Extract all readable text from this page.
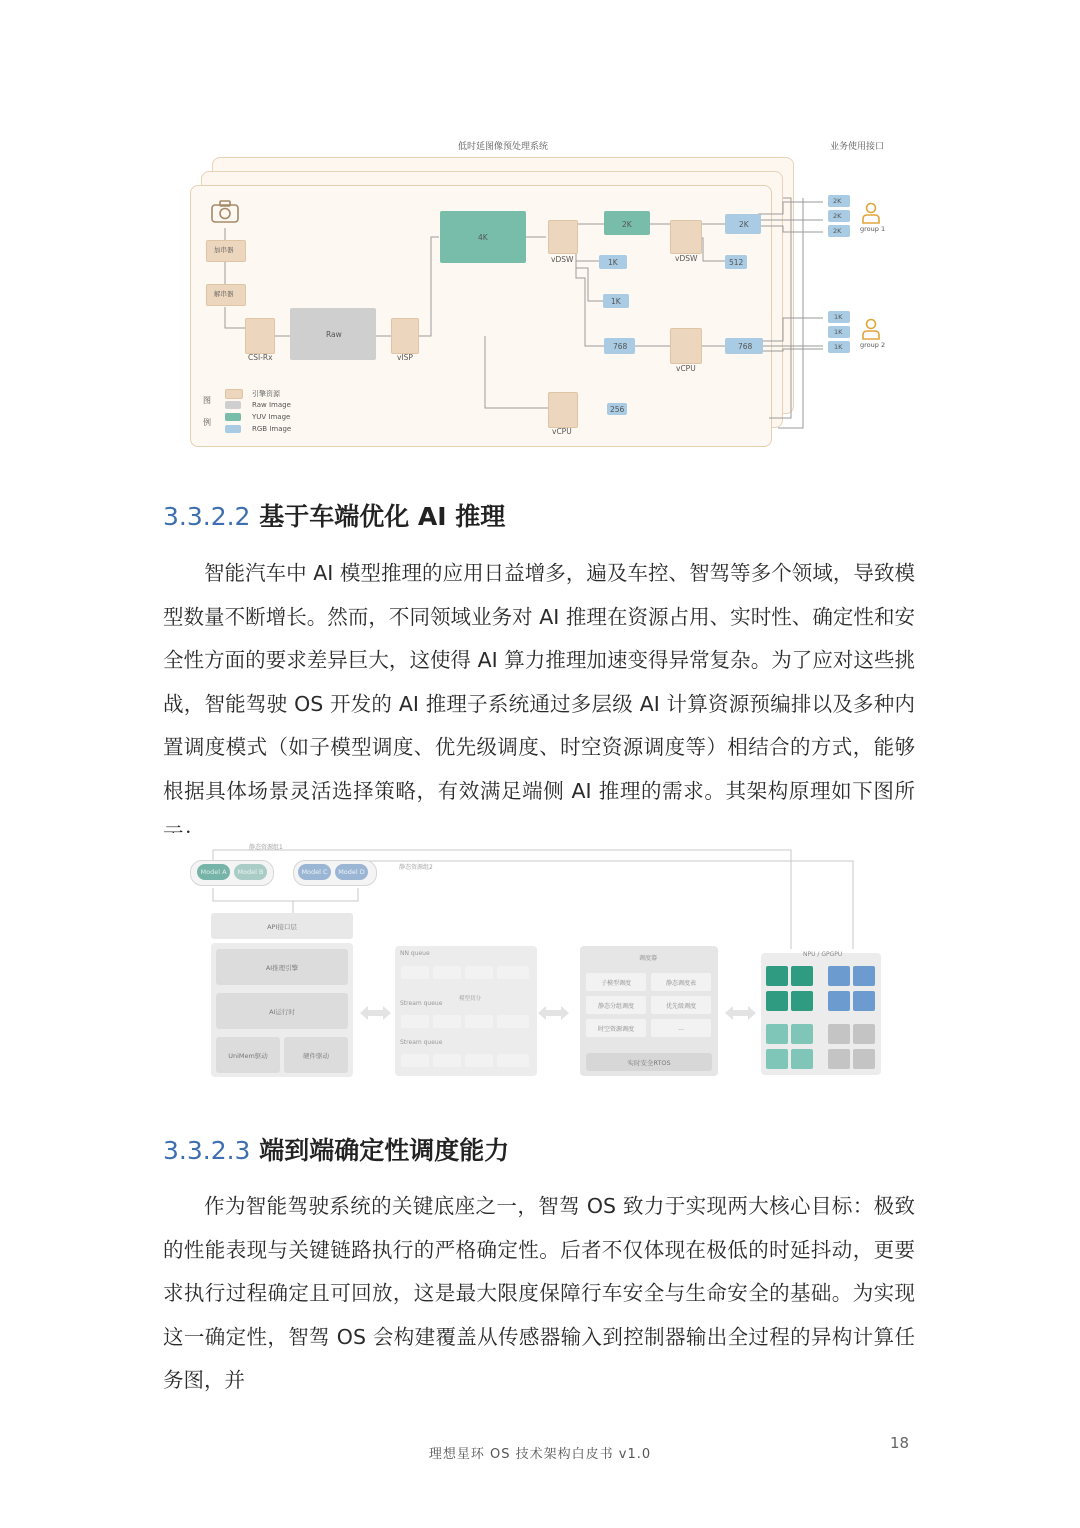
低时延图像预处理系统	业务使用接口
加串器
解串器
CSI-Rx
Raw
vISP
4K
vDSW
2K
1K
1K
vDSW
2K
512
768
vCPU
768
vCPU
256
2K
2K
2K	group 1
1K
1K
1K	group 2
图
例
引擎资源
Raw Image
YUV Image
RGB Image
3.3.2.2 基于车端优化 AI 推理
智能汽车中 AI 模型推理的应用日益增多，遍及车控、智驾等多个领域，导致模型数量不断增长。然而，不同领域业务对 AI 推理在资源占用、实时性、确定性和安全性方面的要求差异巨大，这使得 AI 算力推理加速变得异常复杂。为了应对这些挑战，智能驾驶 OS 开发的 AI 推理子系统通过多层级 AI 计算资源预编排以及多种内置调度模式（如子模型调度、优先级调度、时空资源调度等）相结合的方式，能够根据具体场景灵活选择策略，有效满足端侧 AI 推理的需求。其架构原理如下图所
静态资源组1
静态资源组2
Model A	Model B	Model C	Model D
API接口层
AI推理引擎
AI运行时
UniMem驱动	硬件驱动
NN queue
模型切分
Stream queue
Stream queue
调度器
子模型调度	静态调度表
静态分组调度	优先级调度
时空资源调度	...
实时安全RTOS
NPU / GPGPU
3.3.2.3 端到端确定性调度能力
作为智能驾驶系统的关键底座之一，智驾 OS 致力于实现两大核心目标：极致的性能表现与关键链路执行的严格确定性。后者不仅体现在极低的时延抖动，更要求执行过程确定且可回放，这是最大限度保障行车安全与生命安全的基础。为实现这一确定性，智驾 OS 会构建覆盖从传感器输入到控制器输出全过程的异构计算任务图，并
理想星环 OS 技术架构白皮书 v1.0
18
